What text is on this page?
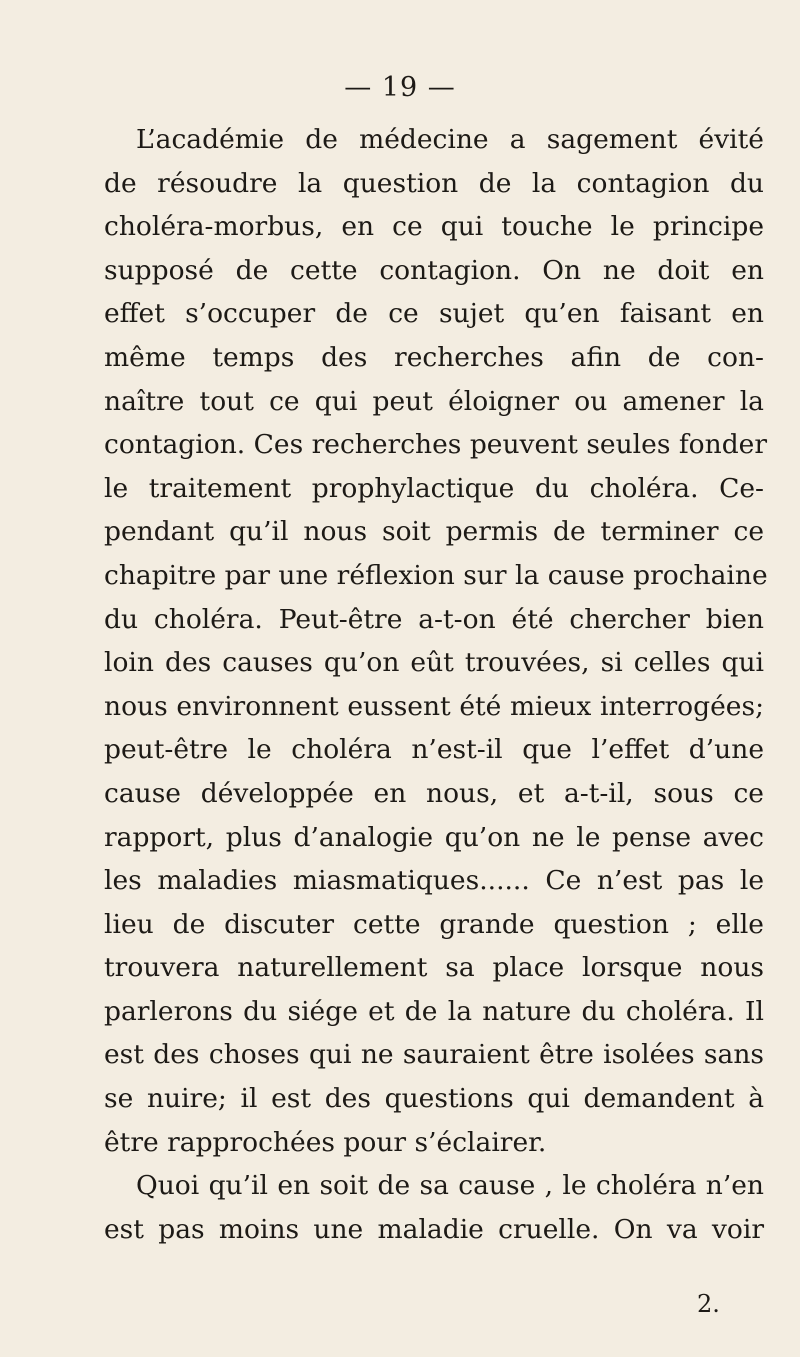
— 19 —
L’académie de médecine a sagement évité
de résoudre la question de la contagion du
choléra-morbus, en ce qui touche le principe
supposé de cette contagion. On ne doit en
effet s’occuper de ce sujet qu’en faisant en
même temps des recherches afin de con-
naître tout ce qui peut éloigner ou amener la
contagion. Ces recherches peuvent seules fonder
le traitement prophylactique du choléra. Ce-
pendant qu’il nous soit permis de terminer ce
chapitre par une réflexion sur la cause prochaine
du choléra. Peut-être a-t-on été chercher bien
loin des causes qu’on eût trouvées, si celles qui
nous environnent eussent été mieux interrogées;
peut-être le choléra n’est-il que l’effet d’une
cause développée en nous, et a-t-il, sous ce
rapport, plus d’analogie qu’on ne le pense avec
les maladies miasmatiques...... Ce n’est pas le
lieu de discuter cette grande question ; elle
trouvera naturellement sa place lorsque nous
parlerons du siége et de la nature du choléra. Il
est des choses qui ne sauraient être isolées sans
se nuire; il est des questions qui demandent à
être rapprochées pour s’éclairer.
Quoi qu’il en soit de sa cause , le choléra n’en
est pas moins une maladie cruelle. On va voir
2.
